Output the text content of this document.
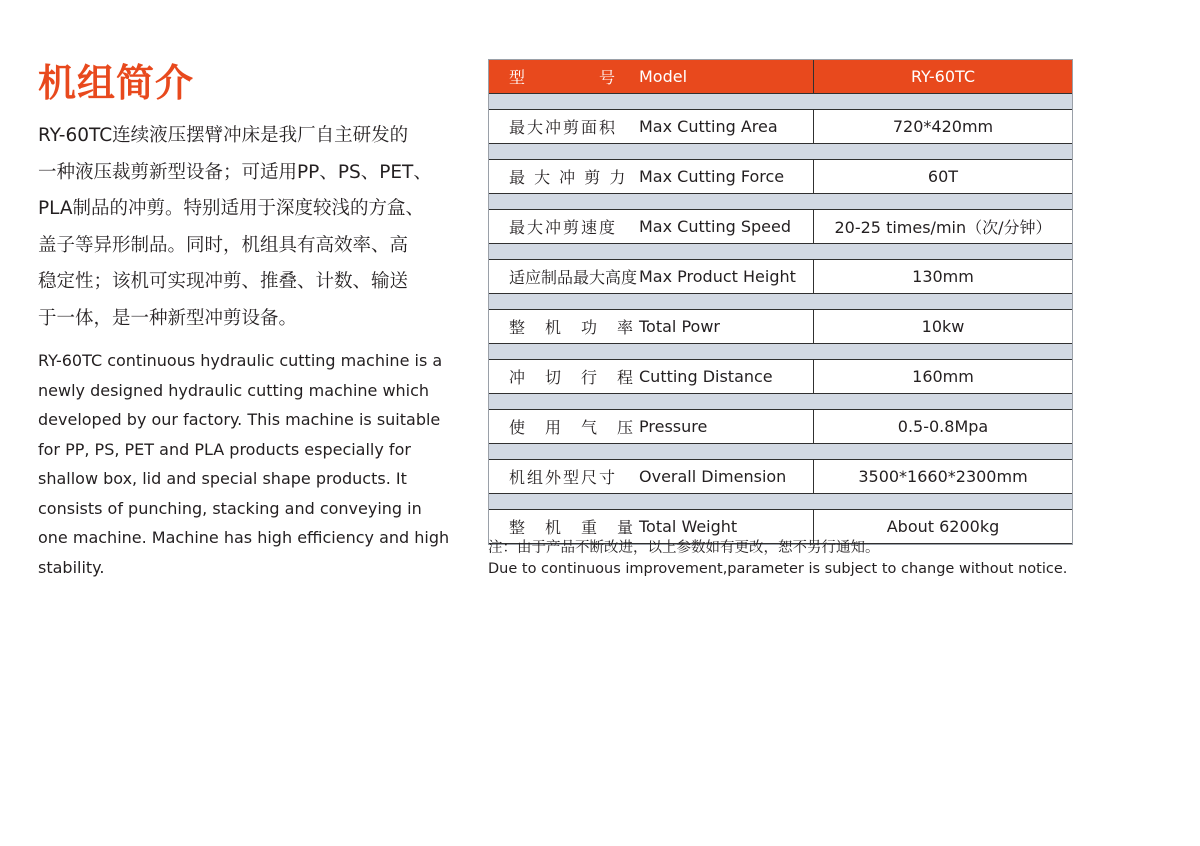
机组简介
RY-60TC连续液压摆臂冲床是我厂自主研发的
一种液压裁剪新型设备；可适用PP、PS、PET、
PLA制品的冲剪。特别适用于深度较浅的方盒、
盖子等异形制品。同时，机组具有高效率、高
稳定性；该机可实现冲剪、推叠、计数、输送
于一体，是一种新型冲剪设备。
RY-60TC continuous hydraulic cutting machine is a
newly designed hydraulic cutting machine which
developed by our factory. This machine is suitable
for PP, PS, PET and PLA products especially for
shallow box, lid and special shape products. It
consists of punching, stacking and conveying in
one machine. Machine has high efficiency and high
stability.
型　　　　号	Model	RY-60TC
最大冲剪面积	Max Cutting Area	720*420mm
最 大 冲 剪 力 Max Cutting Force	60T
最大冲剪速度	Max Cutting Speed	20-25 times/min（次/分钟）
适应制品最大高度 Max Product Height	130mm
整　机　功　率 Total Powr	10kw
冲　切　行　程 Cutting Distance	160mm
使　用　气　压 Pressure	0.5-0.8Mpa
机组外型尺寸	Overall Dimension	3500*1660*2300mm
整　机　重　量 Total Weight	About 6200kg
注：由于产品不断改进，以上参数如有更改，恕不另行通知。
Due to continuous improvement,parameter is subject to change without notice.
